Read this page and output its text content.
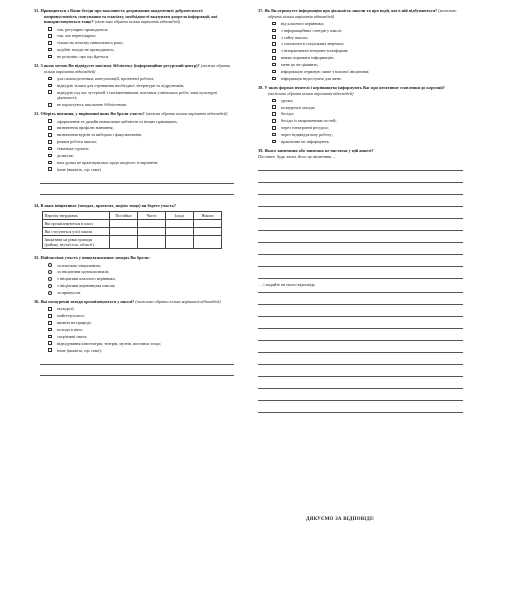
31. Приводиться з Вами бесіди про важливість дотримання академічної доброчесності: неприпустимість списування та плагіату, необхідності вказувати джерела інформації, які використовуються тощо? (можливо обрати кілька варіантів відповідей)
так, регулярно проводяться;
так, але нерегулярно;
тільки на початку навчального року;
подібні заходи не проводились;
не розумію, про що йдеться.
32. З якою метою Ви відвідуєте шкільну бібліотеку (інформаційно-ресурсний центр)? (можна обрати кілька варіантів відповідей)
для самопідготовки, консультацій, проектної роботи;
відвідую тільки для отримання необхідної літератури та підручників;
відвідую під час зустрічей з письменниками, виставок учнівських робіт, інші культурні діяльності;
не користуюсь шкільною бібліотекою.
33. Оберіть питання, у вирішенні яких Ви брали участь? (можна обрати кілька варіантів відповідей)
оформлення та дизайн навчальних кабінетів та інших приміщень;
визначення профілю навчання;
визначення курсів за вибором і факультативів;
режим роботи школи;
тематика гуртків;
дозвілля;
нам думка не враховувалась щодо жодного із варіантів;
інше (вкажіть, що саме)
34. В яких ініціативах (заходах, проектах, подіях тощо) ви берете участь?
Перелік тверджень	Постійно	Часто	Іноді	Ніколи
Які організовуються в класі				
Які стосуються усієї школи				
Ініціативи на рівні громади (району, міста/села, області)				
35. Найчастіше участь у вищезазначених заходах Ви брали:
за власною ініціативою;
за ініціативи однокласників;
з ініціативи класного керівника;
з ініціативи керівництва школи;
за примусом.
36. Які позаурочні заходи організовуються у школі? (можливо обрати кілька варіантів відповідей)
екскурсії;
майстер-класи;
виміни на природі;
походи в кіно;
спортивні свята;
відвідування кінотеатрів, театрів, музеїв, виставок тощо;
інше (вкажіть, що саме).
37. Як Ви отримуєте інформацію про діяльність школи та про події, які в ній відбуваються? (можливо обрати кілька варіантів відповідей)
від класного керівника;
з інформаційних стендів у школі;
з сайту школи;
з спільноти в соціальних мережах;
з інтерактивної інтернет-платформи;
важко отримати інформацію;
мене це не цікавить;
інформацію отримую лише з власної ініціативи;
інформація недоступна для мене.
38. У яких формах вчителі і керівництво інформують Вас про негативне ставлення до корупції? (можливо обрати кілька варіантів відповідей)
уроки;
позаурочні заходи;
бесіди;
бесіди із запрошенням гостей;
через електронні ресурси;
через індивідуальну роботу;
практично не інформують.
39. Якого запитання або запитань не вистачає у цій анкеті?
Поставте, будь ласка, його це запитання …
… і надайте на нього відповідь
ДЯКУЄМО ЗА ВІДПОВІДІ!
